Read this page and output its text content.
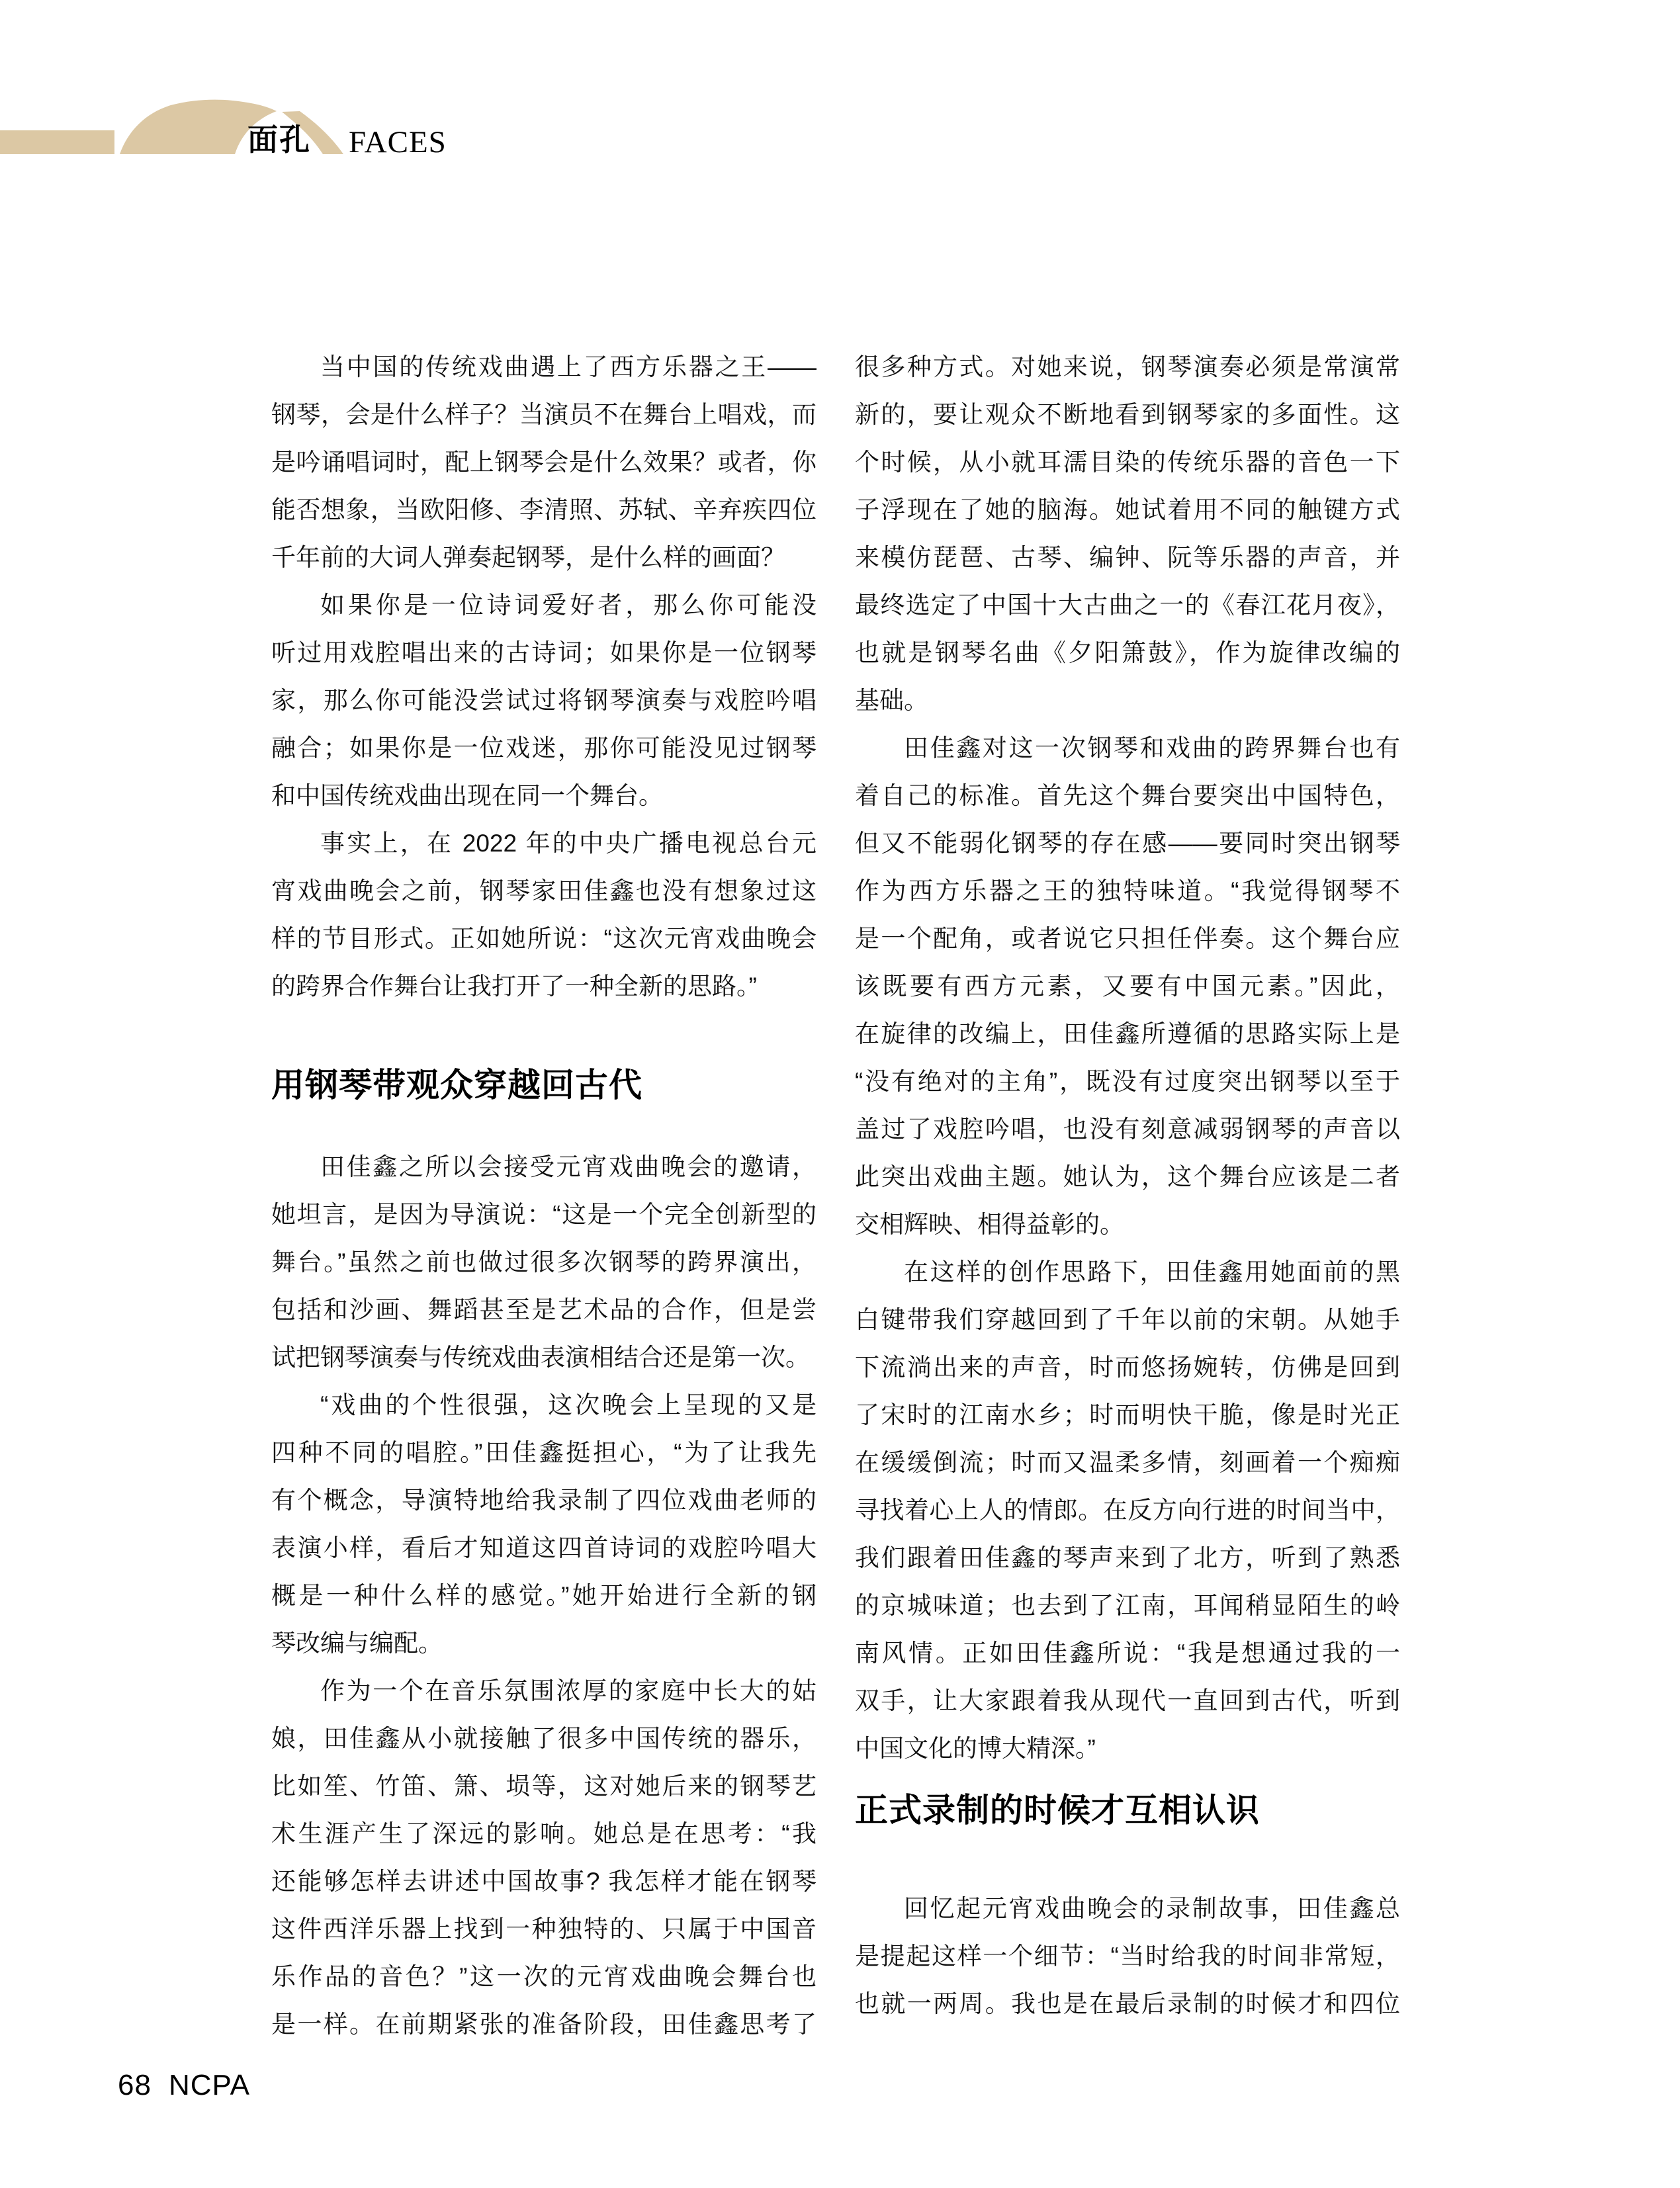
面孔 FACES
当中国的传统戏曲遇上了西方乐器之王——
钢琴，会是什么样子？当演员不在舞台上唱戏，而
是吟诵唱词时，配上钢琴会是什么效果？或者，你
能否想象，当欧阳修、李清照、苏轼、辛弃疾四位
千年前的大词人弹奏起钢琴，是什么样的画面？
如果你是一位诗词爱好者，那么你可能没
听过用戏腔唱出来的古诗词；如果你是一位钢琴
家，那么你可能没尝试过将钢琴演奏与戏腔吟唱
融合；如果你是一位戏迷，那你可能没见过钢琴
和中国传统戏曲出现在同一个舞台。
事实上，在 2022 年的中央广播电视总台元
宵戏曲晚会之前，钢琴家田佳鑫也没有想象过这
样的节目形式。正如她所说：“这次元宵戏曲晚会
的跨界合作舞台让我打开了一种全新的思路。”
用钢琴带观众穿越回古代
田佳鑫之所以会接受元宵戏曲晚会的邀请，
她坦言，是因为导演说：“这是一个完全创新型的
舞台。”虽然之前也做过很多次钢琴的跨界演出，
包括和沙画、舞蹈甚至是艺术品的合作，但是尝
试把钢琴演奏与传统戏曲表演相结合还是第一次。
“戏曲的个性很强，这次晚会上呈现的又是
四种不同的唱腔。”田佳鑫挺担心，“为了让我先
有个概念，导演特地给我录制了四位戏曲老师的
表演小样，看后才知道这四首诗词的戏腔吟唱大
概是一种什么样的感觉。”她开始进行全新的钢
琴改编与编配。
作为一个在音乐氛围浓厚的家庭中长大的姑
娘，田佳鑫从小就接触了很多中国传统的器乐，
比如笙、竹笛、箫、埙等，这对她后来的钢琴艺
术生涯产生了深远的影响。她总是在思考：“我
还能够怎样去讲述中国故事? 我怎样才能在钢琴
这件西洋乐器上找到一种独特的、只属于中国音
乐作品的音色？”这一次的元宵戏曲晚会舞台也
是一样。在前期紧张的准备阶段，田佳鑫思考了
很多种方式。对她来说，钢琴演奏必须是常演常
新的，要让观众不断地看到钢琴家的多面性。这
个时候，从小就耳濡目染的传统乐器的音色一下
子浮现在了她的脑海。她试着用不同的触键方式
来模仿琵琶、古琴、编钟、阮等乐器的声音，并
最终选定了中国十大古曲之一的《春江花月夜》，
也就是钢琴名曲《夕阳箫鼓》，作为旋律改编的
基础。
田佳鑫对这一次钢琴和戏曲的跨界舞台也有
着自己的标准。首先这个舞台要突出中国特色，
但又不能弱化钢琴的存在感——要同时突出钢琴
作为西方乐器之王的独特味道。“我觉得钢琴不
是一个配角，或者说它只担任伴奏。这个舞台应
该既要有西方元素，又要有中国元素。”因此，
在旋律的改编上，田佳鑫所遵循的思路实际上是
“没有绝对的主角”，既没有过度突出钢琴以至于
盖过了戏腔吟唱，也没有刻意减弱钢琴的声音以
此突出戏曲主题。她认为，这个舞台应该是二者
交相辉映、相得益彰的。
在这样的创作思路下，田佳鑫用她面前的黑
白键带我们穿越回到了千年以前的宋朝。从她手
下流淌出来的声音，时而悠扬婉转，仿佛是回到
了宋时的江南水乡；时而明快干脆，像是时光正
在缓缓倒流；时而又温柔多情，刻画着一个痴痴
寻找着心上人的情郎。在反方向行进的时间当中，
我们跟着田佳鑫的琴声来到了北方，听到了熟悉
的京城味道；也去到了江南，耳闻稍显陌生的岭
南风情。正如田佳鑫所说：“我是想通过我的一
双手，让大家跟着我从现代一直回到古代，听到
中国文化的博大精深。”
正式录制的时候才互相认识
回忆起元宵戏曲晚会的录制故事，田佳鑫总
是提起这样一个细节：“当时给我的时间非常短，
也就一两周。我也是在最后录制的时候才和四位
68 NCPA
